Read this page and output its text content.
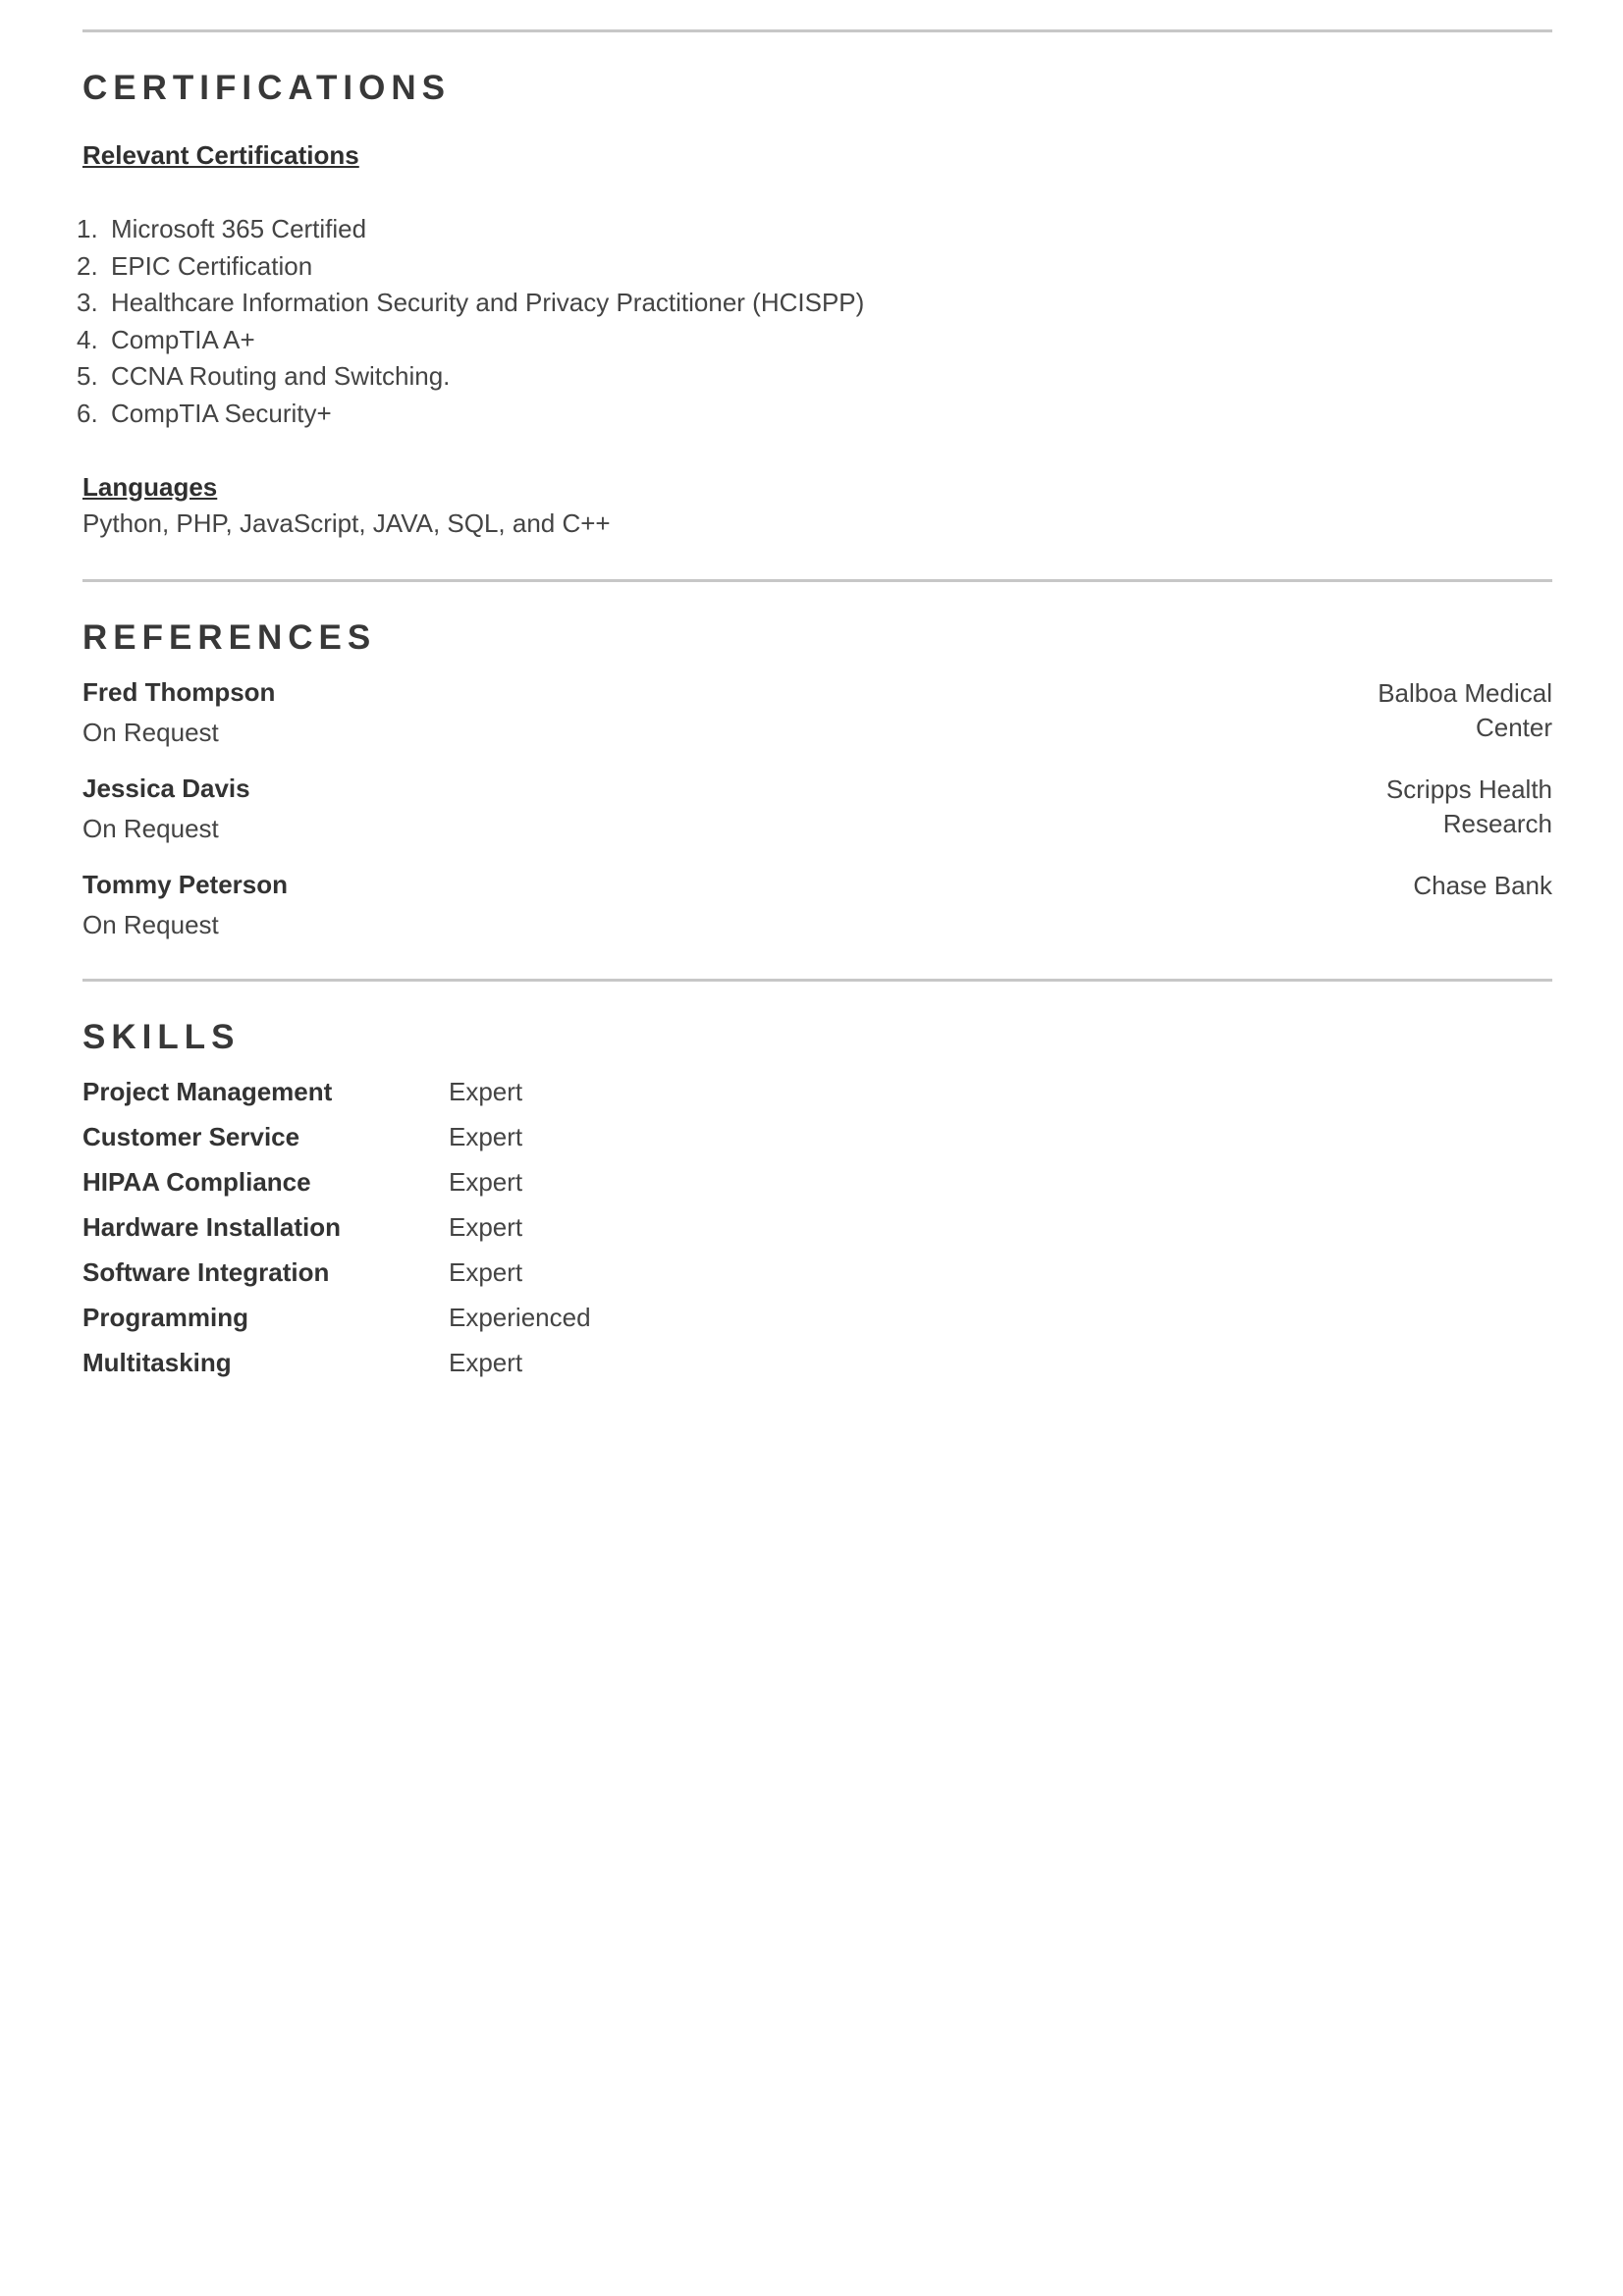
CERTIFICATIONS
Relevant Certifications
1. Microsoft 365 Certified
2. EPIC Certification
3. Healthcare Information Security and Privacy Practitioner (HCISPP)
4. CompTIA A+
5. CCNA Routing and Switching.
6. CompTIA Security+
Languages
Python, PHP, JavaScript, JAVA, SQL, and C++
REFERENCES
Fred Thompson
On Request
Balboa Medical Center
Jessica Davis
On Request
Scripps Health Research
Tommy Peterson
On Request
Chase Bank
SKILLS
Project Management	Expert
Customer Service	Expert
HIPAA Compliance	Expert
Hardware Installation	Expert
Software Integration	Expert
Programming	Experienced
Multitasking	Expert
